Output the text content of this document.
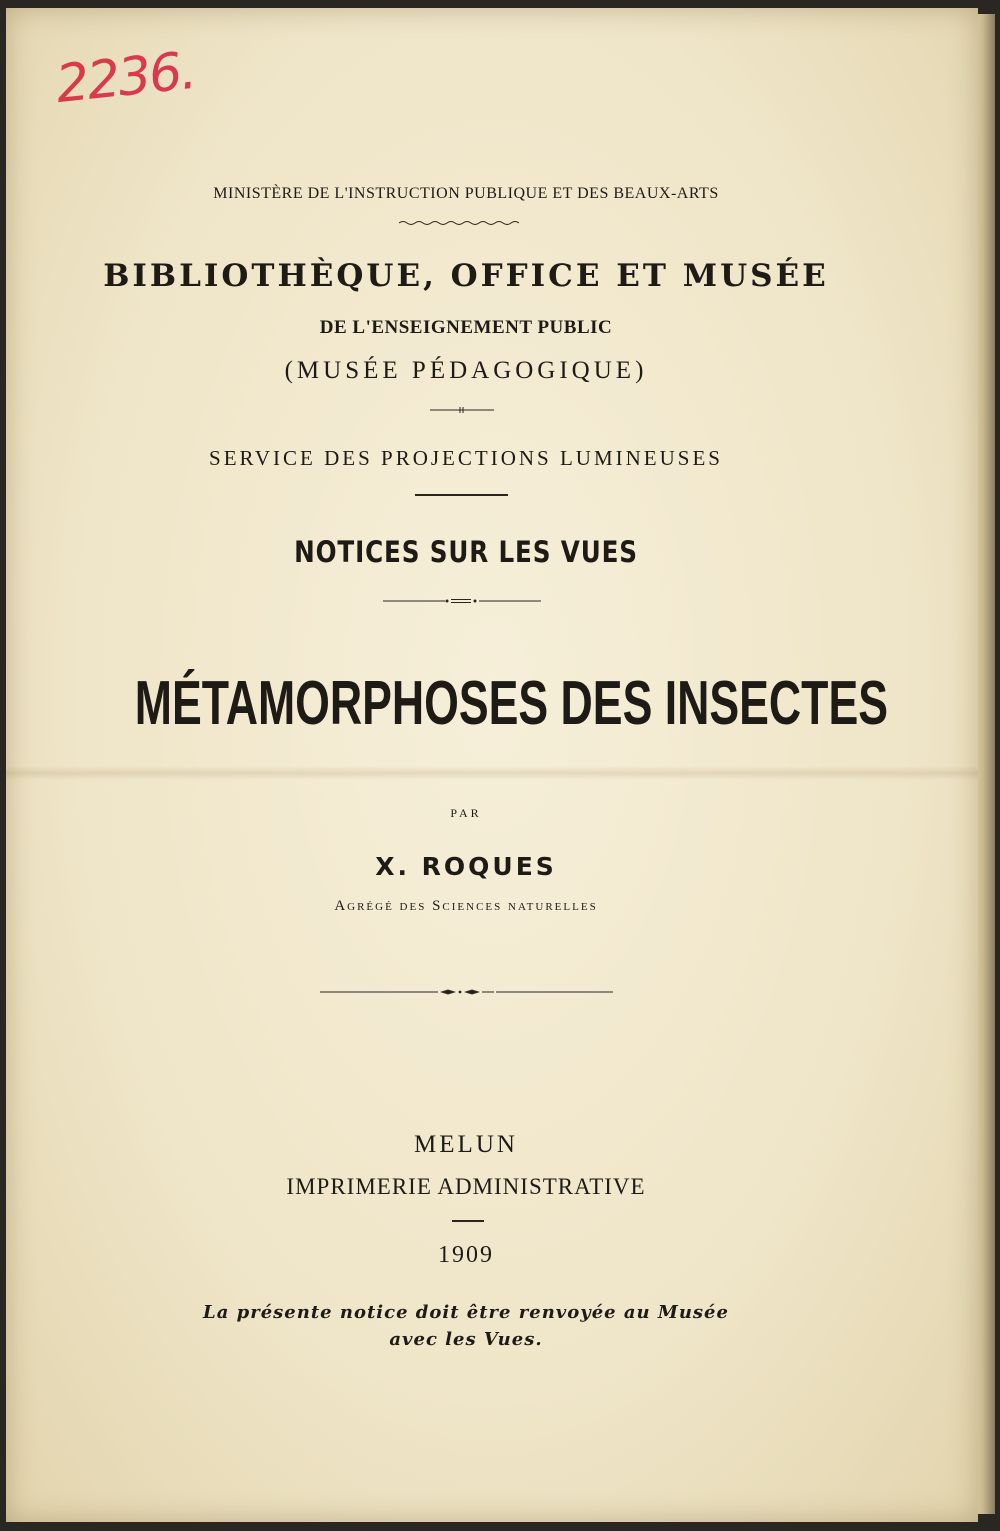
2236.
MINISTÈRE DE L'INSTRUCTION PUBLIQUE ET DES BEAUX-ARTS
BIBLIOTHÈQUE, OFFICE ET MUSÉE
DE L'ENSEIGNEMENT PUBLIC
(MUSÉE PÉDAGOGIQUE)
SERVICE DES PROJECTIONS LUMINEUSES
NOTICES SUR LES VUES
MÉTAMORPHOSES DES INSECTES
PAR
X. ROQUES
Agrégé des Sciences naturelles
MELUN
IMPRIMERIE ADMINISTRATIVE
1909
La présente notice doit être renvoyée au Musée
avec les Vues.
